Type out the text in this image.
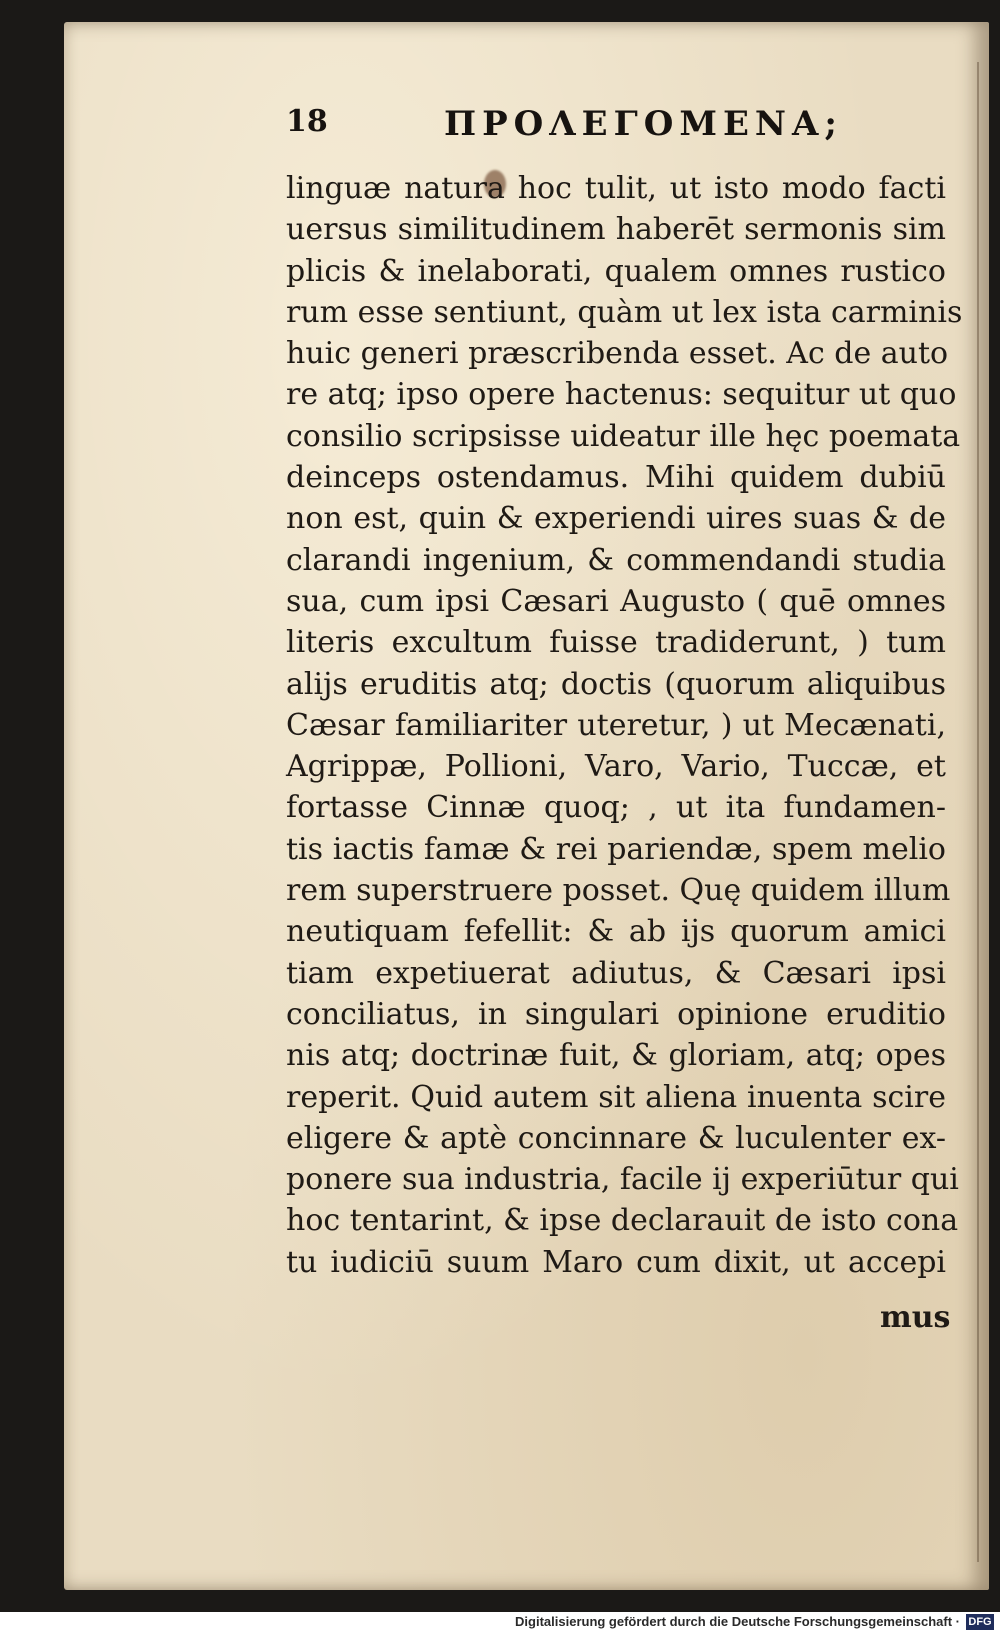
18	ΠΡΟΛΕΓΟΜΕΝΑ;
linguæ natura hoc tulit, ut isto modo facti
uersus similitudinem haberēt sermonis sim
plicis & inelaborati, qualem omnes rustico
rum esse sentiunt, quàm ut lex ista carminis
huic generi præscribenda esset. Ac de auto
re atq; ipso opere hactenus: sequitur ut quo
consilio scripsisse uideatur ille hęc poemata
deinceps ostendamus. Mihi quidem dubiū
non est, quin & experiendi uires suas & de
clarandi ingenium, & commendandi studia
sua, cum ipsi Cæsari Augusto ( quē omnes
literis excultum fuisse tradiderunt, ) tum
alijs eruditis atq; doctis (quorum aliquibus
Cæsar familiariter uteretur, ) ut Mecænati,
Agrippæ, Pollioni, Varo, Vario, Tuccæ, et
fortasse Cinnæ quoq; , ut ita fundamen-
tis iactis famæ & rei pariendæ, spem melio
rem superstruere posset. Quę quidem illum
neutiquam fefellit: & ab ijs quorum amici
tiam expetiuerat adiutus, & Cæsari ipsi
conciliatus, in singulari opinione eruditio
nis atq; doctrinæ fuit, & gloriam, atq; opes
reperit. Quid autem sit aliena inuenta scire
eligere & aptè concinnare & luculenter ex-
ponere sua industria, facile ij experiūtur qui
hoc tentarint, & ipse declarauit de isto cona
tu iudiciū suum Maro cum dixit, ut accepi
mus
Digitalisierung gefördert durch die Deutsche Forschungsgemeinschaft · DFG
